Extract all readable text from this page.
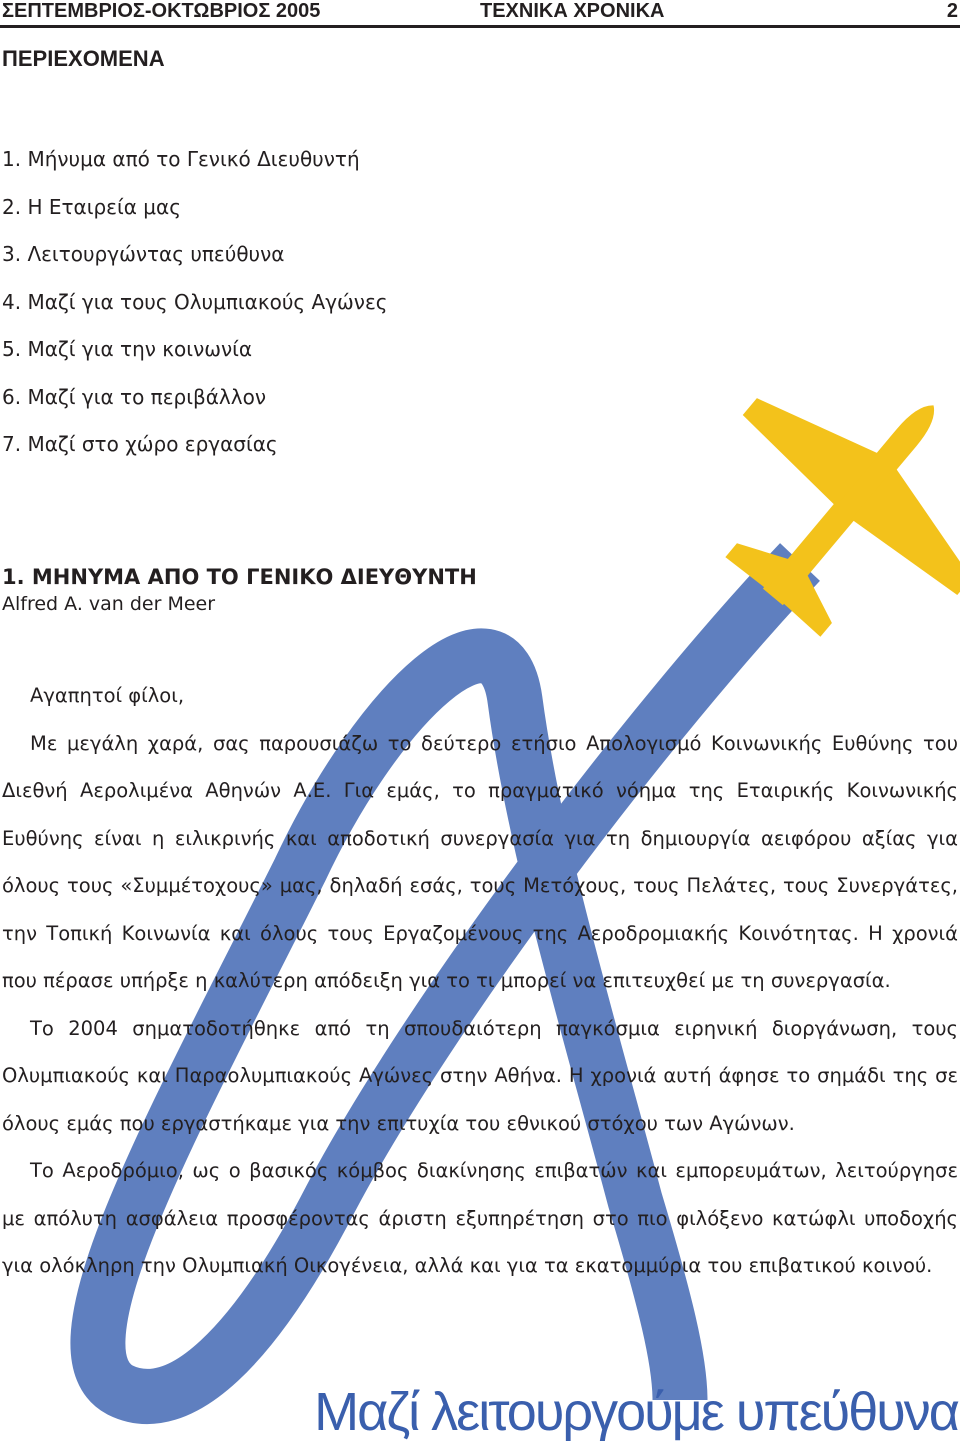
ΣΕΠΤΕΜΒΡΙΟΣ-ΟΚΤΩΒΡΙΟΣ 2005	ΤΕΧΝΙΚΑ ΧΡΟΝΙΚΑ	2
ΠΕΡΙΕΧΟΜΕΝΑ
1. Μήνυμα από το Γενικό Διευθυντή
2. Η Εταιρεία μας
3. Λειτουργώντας υπεύθυνα
4. Μαζί για τους Ολυμπιακούς Αγώνες
5. Μαζί για την κοινωνία
6. Μαζί για το περιβάλλον
7. Μαζί στο χώρο εργασίας
1. ΜΗΝΥΜΑ ΑΠΟ ΤΟ ΓΕΝΙΚΟ ΔΙΕΥΘΥΝΤΗ
Alfred A. van der Meer

Αγαπητοί φίλοι,

Με μεγάλη χαρά, σας παρουσιάζω το δεύτερο ετήσιο Απολογισμό Κοινωνικής Ευθύνης του Διεθνή Αερολιμένα Αθηνών Α.Ε. Για εμάς, το πραγματικό νόημα της Εταιρικής Κοινωνικής Ευθύνης είναι η ειλικρινής και αποδοτική συνεργασία για τη δημιουργία αειφόρου αξίας για όλους τους «Συμμέτοχους» μας, δηλαδή εσάς, τους Μετόχους, τους Πελάτες, τους Συνεργάτες, την Τοπική Κοινωνία και όλους τους Εργαζομένους της Αεροδρομιακής Κοινότητας. Η χρονιά που πέρασε υπήρξε η καλύτερη απόδειξη για το τι μπορεί να επιτευχθεί με τη συνεργασία.

Το 2004 σηματοδοτήθηκε από τη σπουδαιότερη παγκόσμια ειρηνική διοργάνωση, τους Ολυμπιακούς και Παραολυμπιακούς Αγώνες στην Αθήνα. Η χρονιά αυτή άφησε το σημάδι της σε όλους εμάς που εργαστήκαμε για την επιτυχία του εθνικού στόχου των Αγώνων.

Το Αεροδρόμιο, ως ο βασικός κόμβος διακίνησης επιβατών και εμπορευμάτων, λειτούργησε με απόλυτη ασφάλεια προσφέροντας άριστη εξυπηρέτηση στο πιο φιλόξενο κατώφλι υποδοχής για ολόκληρη την Ολυμπιακή Οικογένεια, αλλά και για τα εκατομμύρια του επιβατικού κοινού.

Μαζί λειτουργούμε υπεύθυνα
